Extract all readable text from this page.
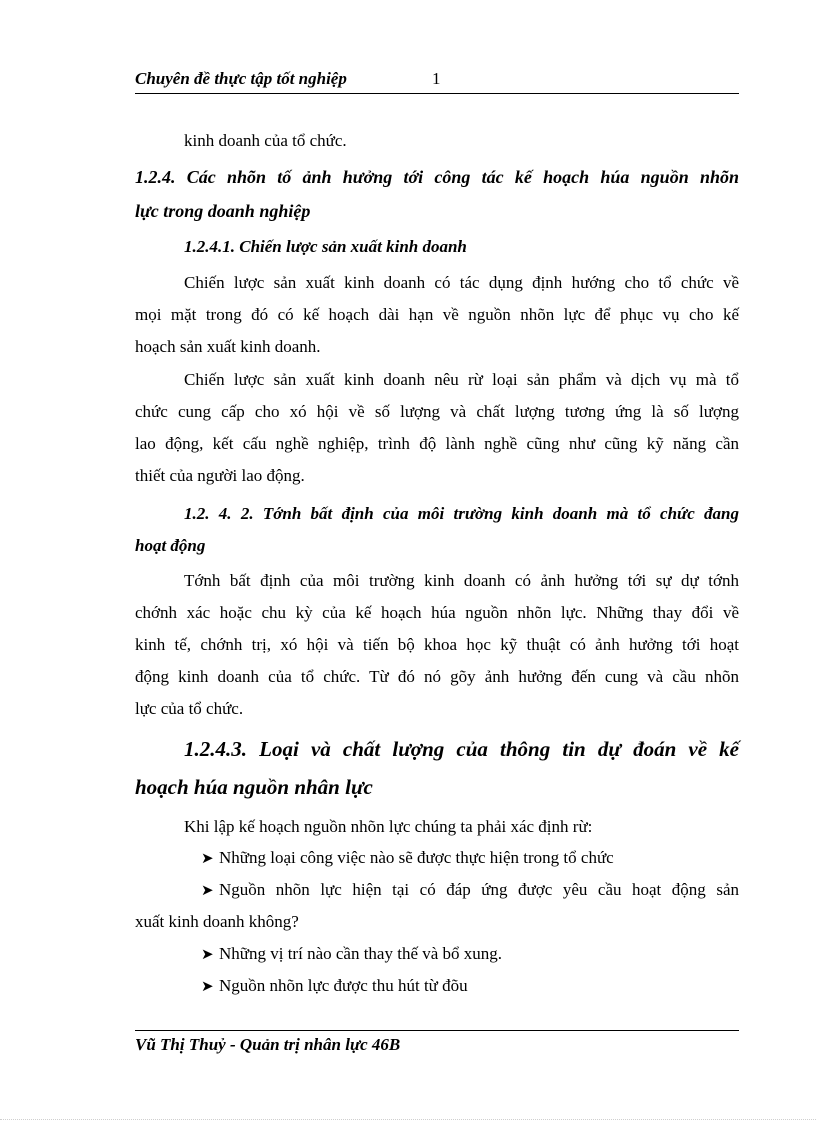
Chuyên đề thực tập tốt nghiệp	1
kinh doanh của tổ chức.
1.2.4. Các nhõn tố ảnh hưởng tới công tác kế hoạch húa nguồn nhõn
lực trong doanh nghiệp
1.2.4.1. Chiến lược sản xuất kinh doanh
Chiến lược sản xuất kinh doanh có tác dụng định hướng cho tổ chức về
mọi mặt trong đó có kế hoạch dài hạn về nguồn nhõn lực để phục vụ cho kế
hoạch sản xuất kinh doanh.
Chiến lược sản xuất kinh doanh nêu rừ loại sản phẩm và dịch vụ mà tổ
chức cung cấp cho xó hội về số lượng và chất lượng tương ứng là số lượng
lao động, kết cấu nghề nghiệp, trình độ lành nghề cũng như cũng kỹ năng cần
thiết của người lao động.
1.2. 4. 2. Tớnh bất định của môi trường kinh doanh mà tổ chức đang
hoạt động
Tớnh bất định của môi trường kinh doanh có ảnh hưởng tới sự dự tớnh
chớnh xác hoặc chu kỳ của kế hoạch húa nguồn nhõn lực. Những thay đổi về
kinh tế, chớnh trị, xó hội và tiến bộ khoa học kỹ thuật có ảnh hưởng tới hoạt
động kinh doanh của tổ chức. Từ đó nó gõy ảnh hưởng đến cung và cầu nhõn
lực của tổ chức.
1.2.4.3. Loại và chất lượng của thông tin dự đoán về kế
hoạch húa nguồn nhân lực
Khi lập kế hoạch nguồn nhõn lực chúng ta phải xác định rừ:
➤ Những loại công việc nào sẽ được thực hiện trong tổ chức
➤ Nguồn nhõn lực hiện tại có đáp ứng được yêu cầu hoạt động sản
xuất kinh doanh không?
➤ Những vị trí nào cần thay thế và bổ xung.
➤ Nguồn nhõn lực được thu hút từ đõu
Vũ Thị Thuỷ - Quản trị nhân lực 46B
